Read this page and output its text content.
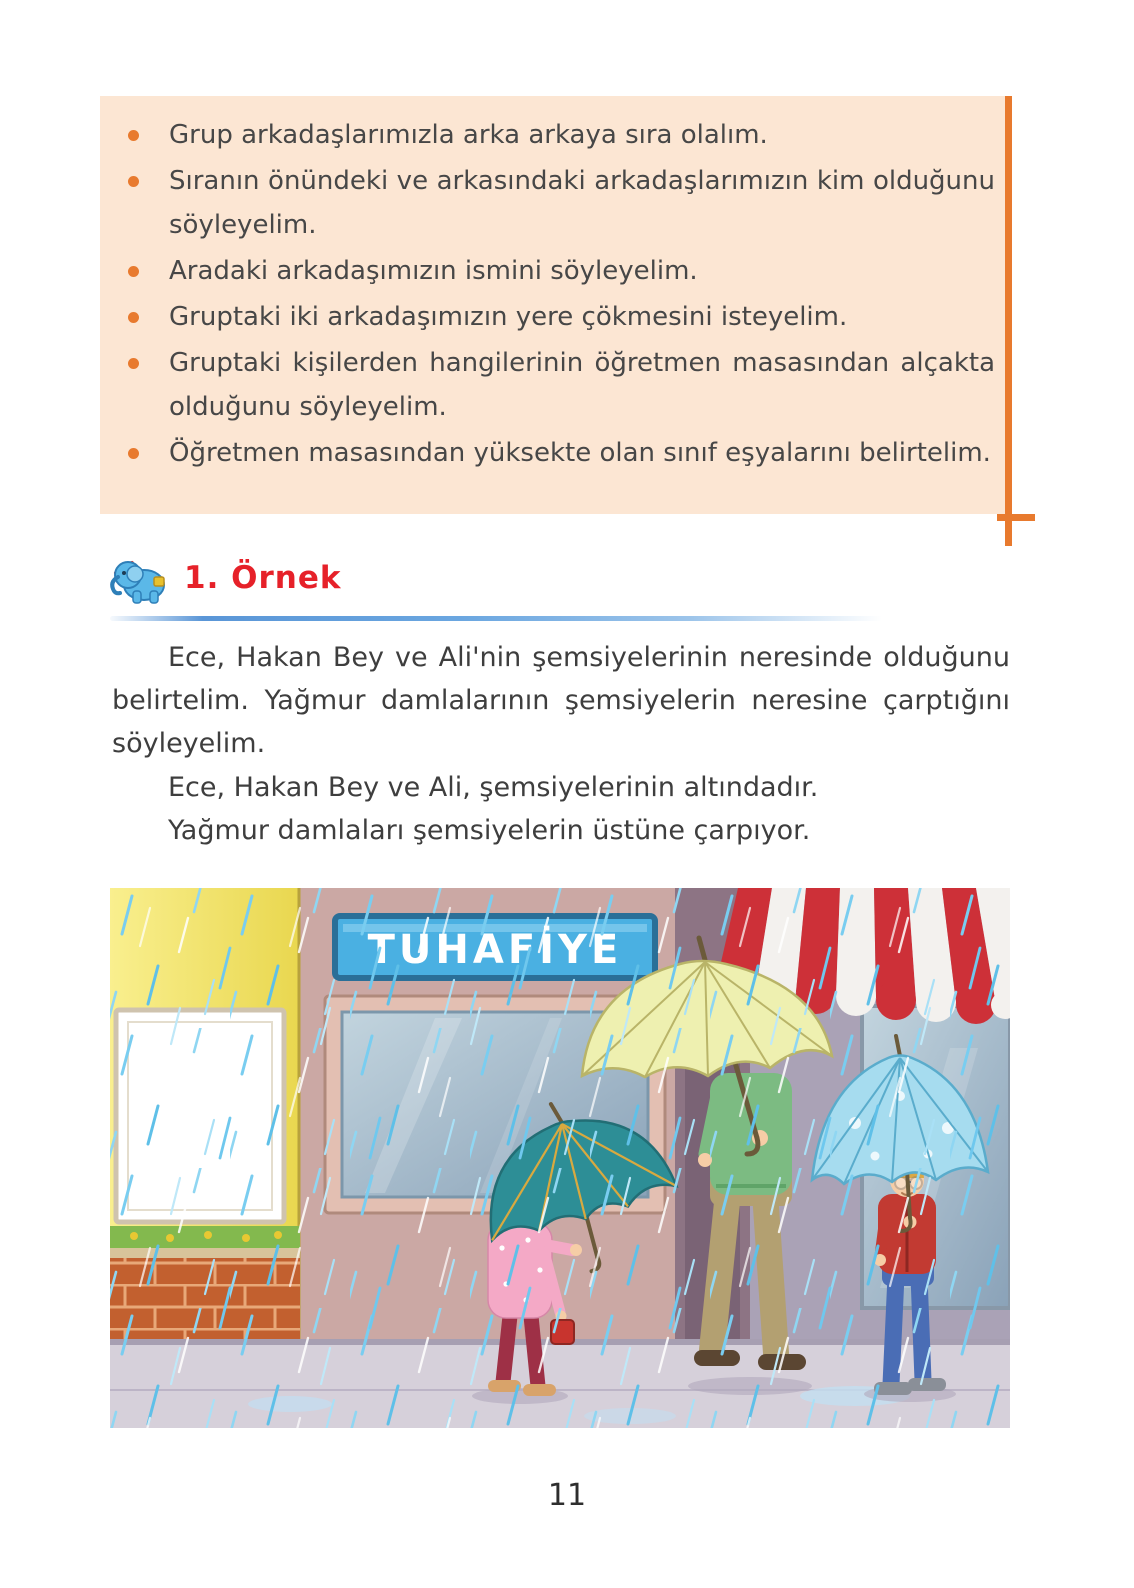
Grup arkadaşlarımızla arka arkaya sıra olalım.
Sıranın önündeki ve arkasındaki arkadaşlarımızın kim olduğunu söyleyelim.
Aradaki arkadaşımızın ismini söyleyelim.
Gruptaki iki arkadaşımızın yere çökmesini isteyelim.
Gruptaki kişilerden hangilerinin öğretmen masasından alçakta olduğunu söyleyelim.
Öğretmen masasından yüksekte olan sınıf eşyalarını belirtelim.
1. Örnek

Ece, Hakan Bey ve Ali'nin şemsiyelerinin neresinde olduğunu belirtelim. Yağmur damlalarının şemsiyelerin neresine çarptığını söyleyelim.

Ece, Hakan Bey ve Ali, şemsiyelerinin altındadır.

Yağmur damlaları şemsiyelerin üstüne çarpıyor.

11
